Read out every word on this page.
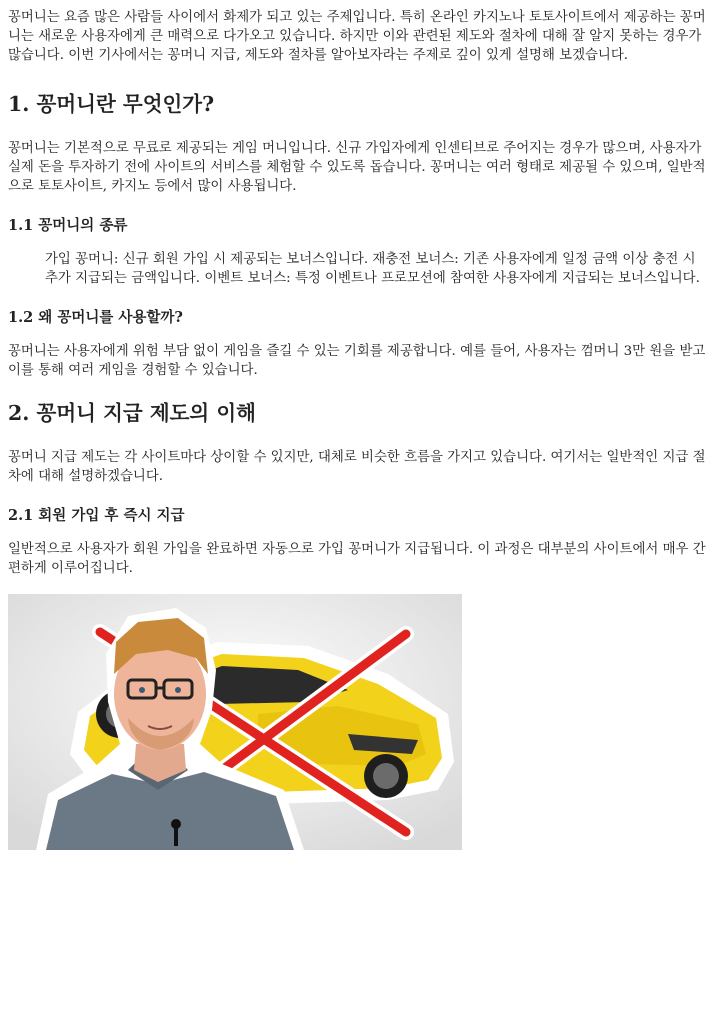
꽁머니는 요즘 많은 사람들 사이에서 화제가 되고 있는 주제입니다. 특히 온라인 카지노나 토토사이트에서 제공하는 꽁머니는 새로운 사용자에게 큰 매력으로 다가오고 있습니다. 하지만 이와 관련된 제도와 절차에 대해 잘 알지 못하는 경우가 많습니다. 이번 기사에서는 꽁머니 지급, 제도와 절차를 알아보자라는 주제로 깊이 있게 설명해 보겠습니다.

1. 꽁머니란 무엇인가?

꽁머니는 기본적으로 무료로 제공되는 게임 머니입니다. 신규 가입자에게 인센티브로 주어지는 경우가 많으며, 사용자가 실제 돈을 투자하기 전에 사이트의 서비스를 체험할 수 있도록 돕습니다. 꽁머니는 여러 형태로 제공될 수 있으며, 일반적으로 토토사이트, 카지노 등에서 많이 사용됩니다.

1.1 꽁머니의 종류

가입 꽁머니: 신규 회원 가입 시 제공되는 보너스입니다. 재충전 보너스: 기존 사용자에게 일정 금액 이상 충전 시 추가 지급되는 금액입니다. 이벤트 보너스: 특정 이벤트나 프로모션에 참여한 사용자에게 지급되는 보너스입니다.

1.2 왜 꽁머니를 사용할까?

꽁머니는 사용자에게 위험 부담 없이 게임을 즐길 수 있는 기회를 제공합니다. 예를 들어, 사용자는 껌머니 3만 원을 받고 이를 통해 여러 게임을 경험할 수 있습니다.

2. 꽁머니 지급 제도의 이해

꽁머니 지급 제도는 각 사이트마다 상이할 수 있지만, 대체로 비슷한 흐름을 가지고 있습니다. 여기서는 일반적인 지급 절차에 대해 설명하겠습니다.

2.1 회원 가입 후 즉시 지급

일반적으로 사용자가 회원 가입을 완료하면 자동으로 가입 꽁머니가 지급됩니다. 이 과정은 대부분의 사이트에서 매우 간편하게 이루어집니다.
